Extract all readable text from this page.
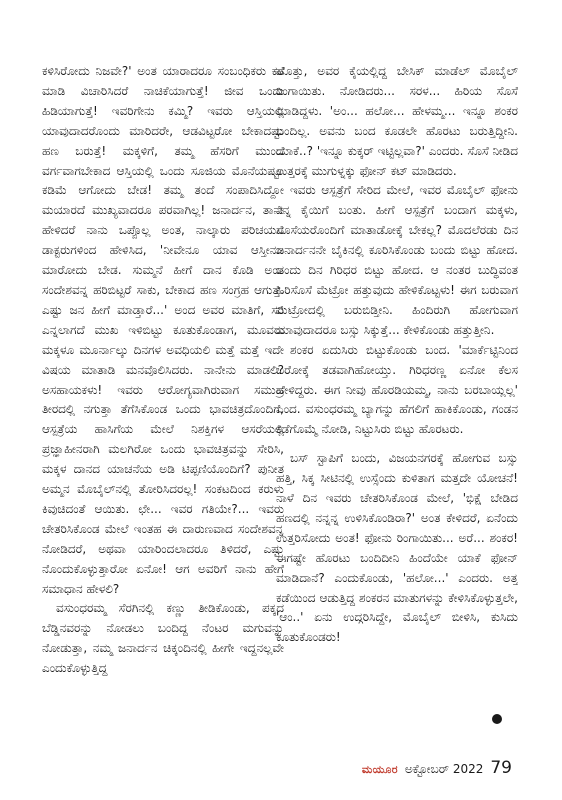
ಕಳಿಸಿರೋದು ನಿಜವೇ?' ಅಂತ ಯಾರಾದರೂ ಸಂಬಂಧಿಕರು ಕರೆ ಮಾಡಿ ವಿಚಾರಿಸಿದರೆ ನಾಚಿಕೆಯಾಗುತ್ತೆ! ಜೀವ ಒಂದು ಹಿಡಿಯಾಗುತ್ತೆ! ಇವರಿಗೇನು ಕಮ್ಮಿ? ಇವರು ಆಸ್ತಿಯಲ್ಲಿ ಯಾವುದಾದರೊಂದು ಮಾರಿದರೇ, ಆಡವಿಟ್ಟರೋ ಬೇಕಾದಷ್ಟು ಹಣ ಬರುತ್ತೆ! ಮಕ್ಕಳಿಗೆ, ತಮ್ಮ ಹೆಸರಿಗೆ ಮುಂದೆ ವರ್ಗವಾಗಬೇಕಾದ ಆಸ್ತಿಯಲ್ಲಿ ಒಂದು ಸೂಜಿಯ ಮೊನೆಯಷ್ಟೂ ಕಡಿಮೆ ಆಗೋದು ಬೇಡ! ತಮ್ಮ ತಂದೆ ಸಂಪಾದಿಸಿದ್ದೋ ಮಯಾರದೆ ಮುಖ್ಯವಾದರೂ ಪರವಾಗಿಲ್ಲ! ಜನಾರ್ದನ, ತಾನೇ ಹೇಳಿದರೆ ನಾನು ಒಪ್ಪೊಲ್ಲ ಅಂತ, ನಾಲ್ಕಾರು ಪರಿಚಯದ ಡಾಕ್ಟರುಗಳಿಂದ ಹೇಳಿಸಿದ, 'ನೀವೇನೂ ಯಾವ ಆಸ್ತೀನೂ ಮಾರೋದು ಬೇಡ. ಸುಮ್ಮನೆ ಹೀಗೆ ದಾನ ಕೊಡಿ ಅಂತ ಸಂದೇಶವನ್ನ ಹರಿಬಿಟ್ಟರೆ ಸಾಕು, ಬೇಕಾದ ಹಣ ಸಂಗ್ರಹ ಆಗುತ್ತೆ. ಎಷ್ಟು ಜನ ಹೀಗೆ ಮಾಡ್ತಾರೆ...' ಅಂದ ಅವರ ಮಾತಿಗೆ, ಸರಿ ಎನ್ನಲಾಗದೆ ಮುಖ ಇಳಿಬಿಟ್ಟು ಕೂತುಕೊಂಡಾಗ, ಮೂವರು ಮಕ್ಕಳೂ ಮೂರ್ನಾಲ್ಕು ದಿನಗಳ ಅವಧಿಯಲಿ ಮತ್ತೆ ಮತ್ತೆ ಇದೇ ವಿಷಯ ಮಾತಾಡಿ ಮನವೊಲಿಸಿದರು. ನಾನೇನು ಮಾಡಲಿ? ಅಸಹಾಯಕಳು! ಇವರು ಆರೋಗ್ಯವಾಗಿರುವಾಗ ಸಮುದ್ರ ತೀರದಲ್ಲಿ ನಗುತ್ತಾ ತೆಗೆಸಿಕೊಂಡ ಒಂದು ಭಾವಚಿತ್ರದೊಂದಿಗೆ, ಆಸ್ಪತ್ರೆಯ ಹಾಸಿಗೆಯ ಮೇಲೆ ನಿಶಕ್ತಿಗಳ ಆಸರೆಯಲ್ಲಿ ಪ್ರಜ್ಞಾಹೀನರಾಗಿ ಮಲಗಿರೋ ಒಂದು ಭಾವಚಿತ್ರವನ್ನು ಸೇರಿಸಿ, ಮಕ್ಕಳ ದಾನದ ಯಾಚನೆಯ ಅಡಿ ಟಿಪ್ಪಣಿಯೊಂದಿಗೆ? ಪುನೀತ ಅಮ್ಮನ ಮೊಬೈಲ್‌ನಲ್ಲಿ ತೋರಿಸಿದರಲ್ಲ! ಸಂಕಟದಿಂದ ಕರುಳು ಕಿವುಚಿದಂತೆ ಆಯಿತು. ಛೇ... ಇವರ ಗತಿಯೇ?... ಇವರು ಚೇತರಿಸಿಕೊಂಡ ಮೇಲೆ ಇಂತಹ ಈ ದಾರುಣವಾದ ಸಂದೇಶವನ್ನ ನೋಡಿದರೆ, ಅಥವಾ ಯಾರಿಂದಲಾದರೂ ತಿಳಿದರೆ, ಎಷ್ಟು ನೊಂದುಕೊಳ್ಳುತ್ತಾರೋ ಏನೋ! ಆಗ ಅವರಿಗೆ ನಾನು ಹೇಗೆ ಸಮಾಧಾನ ಹೇಳಲಿ?

ವಸುಂಧರಮ್ಮ ಸೆರಗಿನಲ್ಲಿ ಕಣ್ಣು ತೀಡಿಕೊಂಡು, ಪಕ್ಕದ ಬೆಡ್ಡಿನವರನ್ನು ನೋಡಲು ಬಂದಿದ್ದ ನೆಂಟರ ಮಗುವನ್ನು ನೋಡುತ್ತಾ, ನಮ್ಮ ಜನಾರ್ದನ ಚಿಕ್ಕಂದಿನಲ್ಲಿ ಹೀಗೇ ಇದ್ದನಲ್ಲವೇ ಎಂದುಕೊಳ್ಳುತ್ತಿದ್ದ

ಹೊತ್ತು, ಅವರ ಕೈಯಲ್ಲಿದ್ದ ಬೇಸಿಕ್ ಮಾಡೆಲ್ ಮೊಬೈಲ್ ರಿಂಗಾಯಿತು. ನೋಡಿದರು... ಸರಳ... ಹಿರಿಯ ಸೊಸೆ ಮಾಡಿದ್ದಳು. 'ಅಂ... ಹಲೋ... ಹೇಳಮ್ಮ... ಇನ್ನೂ ಶಂಕರ ಬಂದಿಲ್ಲ. ಅವನು ಬಂದ ಕೂಡಲೇ ಹೊರಟು ಬರುತ್ತಿದ್ದೀನಿ. ಯಾಕೆ..? 'ಇನ್ನೂ ಕುಕ್ಕರ್ ಇಟ್ಟಿಲ್ಲವಾ?' ಎಂದರು. ಸೊಸೆ ನೀಡಿದ ಉತ್ತರಕ್ಕೆ ಮುಗುಳ್ನಕ್ಕು ಫೋನ್ ಕಟ್ ಮಾಡಿದರು.

ಇವರು ಆಸ್ಪತ್ರೆಗೆ ಸೇರಿದ ಮೇಲೆ, ಇವರ ಮೊಬೈಲ್ ಫೋನು ನನ್ನ ಕೈಯಿಗೆ ಬಂತು. ಹೀಗೆ ಆಸ್ಪತ್ರೆಗೆ ಬಂದಾಗ ಮಕ್ಕಳು, ಸೊಸೆಯರೊಂದಿಗೆ ಮಾತಾಡೋಕ್ಕೆ ಬೇಕಲ್ಲ? ಮೊದಲೆರಡು ದಿನ ಜನಾರ್ದನನೇ ಬೈಕಿನಲ್ಲಿ ಕೂರಿಸಿಕೊಂಡು ಬಂದು ಬಿಟ್ಟು ಹೋದ. ಒಂದು ದಿನ ಗಿರಿಧರ ಬಿಟ್ಟು ಹೋದ. ಆ ನಂತರ ಬುದ್ಧಿವಂತ ಹಿರಿಸೊಸೆ ಮೆಟ್ರೋ ಹತ್ತುವುದು ಹೇಳಿಕೊಟ್ಟಳು! ಈಗ ಬರುವಾಗ ಮೆಟ್ರೋದಲ್ಲಿ ಬರುಬಿಡ್ತೀನಿ. ಹಿಂದಿರುಗಿ ಹೋಗುವಾಗ ಯಾವುದಾದರೂ ಬಸ್ಸು ಸಿಕ್ಕುತ್ತೆ... ಕೇಳಿಕೊಂಡು ಹತ್ತುತ್ತೀನಿ.

ಶಂಕರ ಏದುಸಿರು ಬಿಟ್ಟುಕೊಂಡು ಬಂದ. 'ಮಾರ್ಕೆಟ್ಟಿನಿಂದ ಬರೋಕ್ಕೆ ತಡವಾಗಿಹೋಯ್ತು. ಗಿರಿಧರಣ್ಣ ಏನೋ ಕೆಲಸ ಹೇಳಿದ್ದರು. ಈಗ ನೀವು ಹೊರಡಿಯಮ್ಮ, ನಾನು ಬರಬಾಯ್ಲಲ್ಲ' ಎಂದ. ವಸುಂಧರಮ್ಮ ಬ್ಯಾಗನ್ನು ಹೆಗಲಿಗೆ ಹಾಕಿಕೊಂಡು, ಗಂಡನ ಕಡೆಗೊಮ್ಮೆ ನೋಡಿ, ನಿಟ್ಟುಸಿರು ಬಿಟ್ಟು ಹೊರಟರು.

ಬಸ್ ಸ್ಟಾಪಿಗೆ ಬಂದು, ವಿಜಯನಗರಕ್ಕೆ ಹೋಗುವ ಬಸ್ಸು ಹತ್ತಿ, ಸಿಕ್ಕ ಸೀಟಿನಲ್ಲಿ ಉಸ್ಸೆಂದು ಕುಳಿತಾಗ ಮತ್ತದೇ ಯೋಚನೆ! ನಾಳೆ ದಿನ ಇವರು ಚೇತರಿಸಿಕೊಂಡ ಮೇಲೆ, 'ಭಿಕ್ಷೆ ಬೇಡಿದ ಹಣದಲ್ಲಿ ನನ್ನನ್ನ ಉಳಿಸಿಕೊಂಡಿರಾ?' ಅಂತ ಕೇಳಿದರೆ, ಏನೆಂದು ಉತ್ತರಿಸೋದು ಅಂತ! ಫೋನು ರಿಂಗಾಯಿತು... ಅರೆ... ಶಂಕರ! ಈಗಷ್ಟೇ ಹೊರಟು ಬಂದಿದೀನಿ ಹಿಂದೆಯೇ ಯಾಕೆ ಫೋನ್ ಮಾಡಿದಾನೆ? ಎಂದುಕೊಂಡು, 'ಹಲೋ...' ಎಂದರು. ಅತ್ತ ಕಡೆಯಿಂದ ಆಡುತ್ತಿದ್ದ ಶಂಕರನ ಮಾತುಗಳನ್ನು ಕೇಳಿಸಿಕೊಳ್ಳುತ್ತಲೇ, 'ಆಂ..' ಏನು ಉದ್ಗರಿಸಿದ್ದೇ, ಮೊಬೈಲ್ ಬೀಳಿಸಿ, ಕುಸಿದು ಕೂತುಕೊಂಡರು!

ಮಯೂರ ಅಕ್ಟೋಬರ್ 2022 79
